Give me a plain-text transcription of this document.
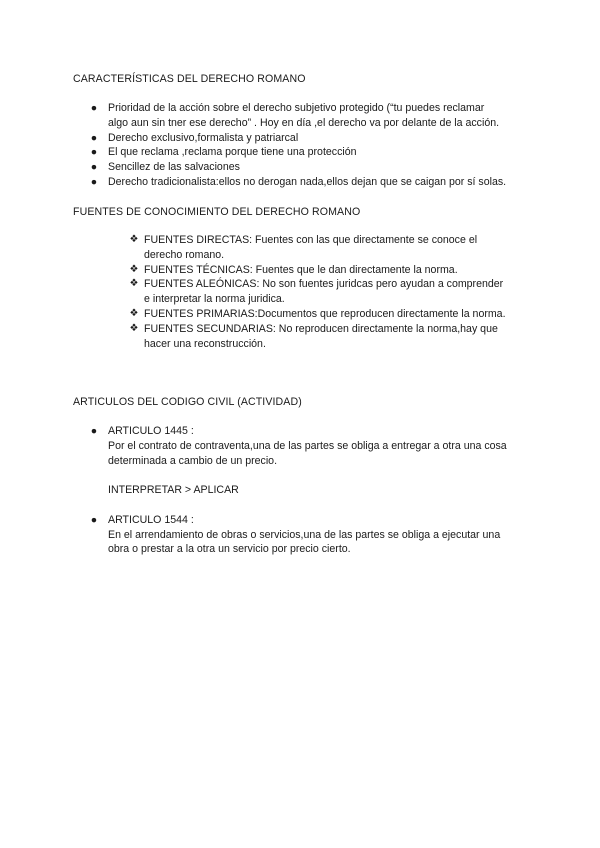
CARACTERÍSTICAS DEL DERECHO ROMANO
● Prioridad de la acción sobre el derecho subjetivo protegido (“tu puedes reclamar
algo aun sin tner ese derecho” . Hoy en día ,el derecho va por delante de la acción.
● Derecho exclusivo,formalista y patriarcal
● El que reclama ,reclama porque tiene una protección
● Sencillez de las salvaciones
● Derecho tradicionalista:ellos no derogan nada,ellos dejan que se caigan por sí solas.
FUENTES DE CONOCIMIENTO DEL DERECHO ROMANO
❖ FUENTES DIRECTAS: Fuentes con las que directamente se conoce el
derecho romano.
❖ FUENTES TÉCNICAS: Fuentes que le dan directamente la norma.
❖ FUENTES ALEÓNICAS: No son fuentes juridcas pero ayudan a comprender
e interpretar la norma juridica.
❖ FUENTES PRIMARIAS:Documentos que reproducen directamente la norma.
❖ FUENTES SECUNDARIAS: No reproducen directamente la norma,hay que
hacer una reconstrucción.
ARTICULOS DEL CODIGO CIVIL (ACTIVIDAD)
● ARTICULO 1445 :
Por el contrato de contraventa,una de las partes se obliga a entregar a otra una cosa
determinada a cambio de un precio.
INTERPRETAR > APLICAR
● ARTICULO 1544 :
En el arrendamiento de obras o servicios,una de las partes se obliga a ejecutar una
obra o prestar a la otra un servicio por precio cierto.
